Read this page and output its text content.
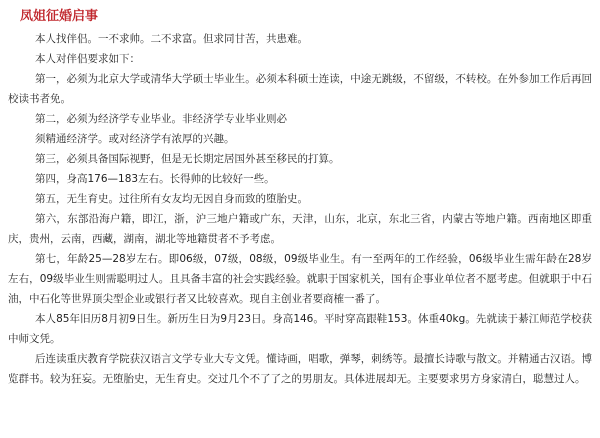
凤姐征婚启事

本人找伴侣。一不求帅。二不求富。但求同甘苦，共患难。

本人对伴侣要求如下：

第一，必须为北京大学或清华大学硕士毕业生。必须本科硕士连读，中途无跳级，不留级，不转校。在外参加工作后再回校读书者免。

第二，必须为经济学专业毕业。非经济学专业毕业则必

须精通经济学。或对经济学有浓厚的兴趣。

第三，必须具备国际视野，但是无长期定居国外甚至移民的打算。

第四，身高176—183左右。长得帅的比较好一些。

第五，无生育史。过往所有女友均无因自身而致的堕胎史。

第六，东部沿海户籍，即江，浙，沪三地户籍或广东，天津，山东，北京，东北三省，内蒙古等地户籍。西南地区即重庆，贵州，云南，西藏，湖南，湖北等地籍贯者不予考虑。

第七，年龄25—28岁左右。即06级，07级，08级，09级毕业生。有一至两年的工作经验，06级毕业生需年龄在28岁左右，09级毕业生则需聪明过人。且具备丰富的社会实践经验。就职于国家机关，国有企事业单位者不愿考虑。但就职于中石油，中石化等世界顶尖型企业或银行者又比较喜欢。现自主创业者要商榷一番了。

本人85年旧历8月初9日生。新历生日为9月23日。身高146。平时穿高跟鞋153。体重40kg。先就读于綦江师范学校获中师文凭。

后连读重庆教育学院获汉语言文学专业大专文凭。懂诗画，唱歌，弹琴，刺绣等。最擅长诗歌与散文。并精通古汉语。博览群书。较为狂妄。无堕胎史，无生育史。交过几个不了了之的男朋友。具体进展却无。主要要求男方身家清白，聪慧过人。
